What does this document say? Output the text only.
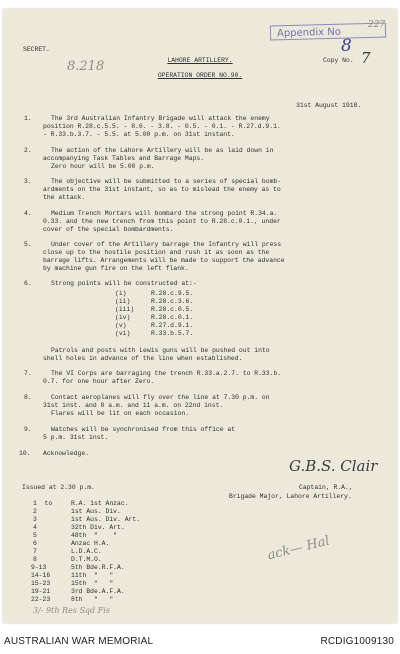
Appendix No
8
227
SECRET.
8.218	LAHORE ARTILLERY.	Copy No. 7
OPERATION ORDER NO.90.
31st August 1918.
1.	The 3rd Australian Infantry Brigade will attack the enemy
position R.28.c.5.5. - 8.6. - 3.8. - 0.5. - 0.1. - R.27.d.9.1.
- R.33.b.3.7. - 5.5. at 5.00 p.m. on 31st instant.
2.	The action of the Lahore Artillery will be as laid down in
accompanying Task Tables and Barrage Maps.
Zero hour will be 5.00 p.m.
3.	The objective will be submitted to a series of special bomb-
ardments on the 31st instant, so as to mislead the enemy as to
the attack.
4.	Medium Trench Mortars will bombard the strong point R.34.a.
0.33. and the new trench from this point to R.28.c.0.1., under
cover of the special bombardments.
5.	Under cover of the Artillery barrage the Infantry will press
close up to the hostile position and rush it as soon as the
barrage lifts. Arrangements will be made to support the advance
by machine gun fire on the left flank.
6.	Strong points will be constructed at:-
(i)	R.28.c.9.5.
(ii)	R.28.c.3.6.
(iii)	R.28.c.0.5.
(iv)	R.28.c.0.1.
(v)	R.27.d.9.1.
(vi)	R.33.b.5.7.
Patrols and posts with Lewis guns will be pushed out into
shell holes in advance of the line when established.
7.	The VI Corps are barraging the trench R.33.a.2.7. to R.33.b.
0.7. for one hour after Zero.
8.	Contact aeroplanes will fly over the line at 7.30 p.m. on
31st inst. and 8 a.m. and 11 a.m. on 22nd inst.
Flares will be lit on each occasion.
9.	Watches will be synchronised from this office at
5 p.m. 31st inst.
10. Acknowledge.
G.B.S. Clair
Issued at 2.30 p.m.	Captain, R.A.,
Brigade Major, Lahore Artillery.
1  to	R.A. 1st Anzac.
2	1st Aus. Div.
3	1st Aus. Div. Art.
4	32th Div. Art.
5	48th  "    "
6	Anzac H.A.
7	L.D.A.C.
8	D.T.M.O.
9-13	5th Bde.R.F.A.
14-16	11th  "   "
15-23	15th  "   "
19-21	3rd Bde.A.F.A.
22-23	8th   "   "
ack— Hal
3/- 9th Res Sqd Fis
AUSTRALIAN WAR MEMORIAL	RCDIG1009130
